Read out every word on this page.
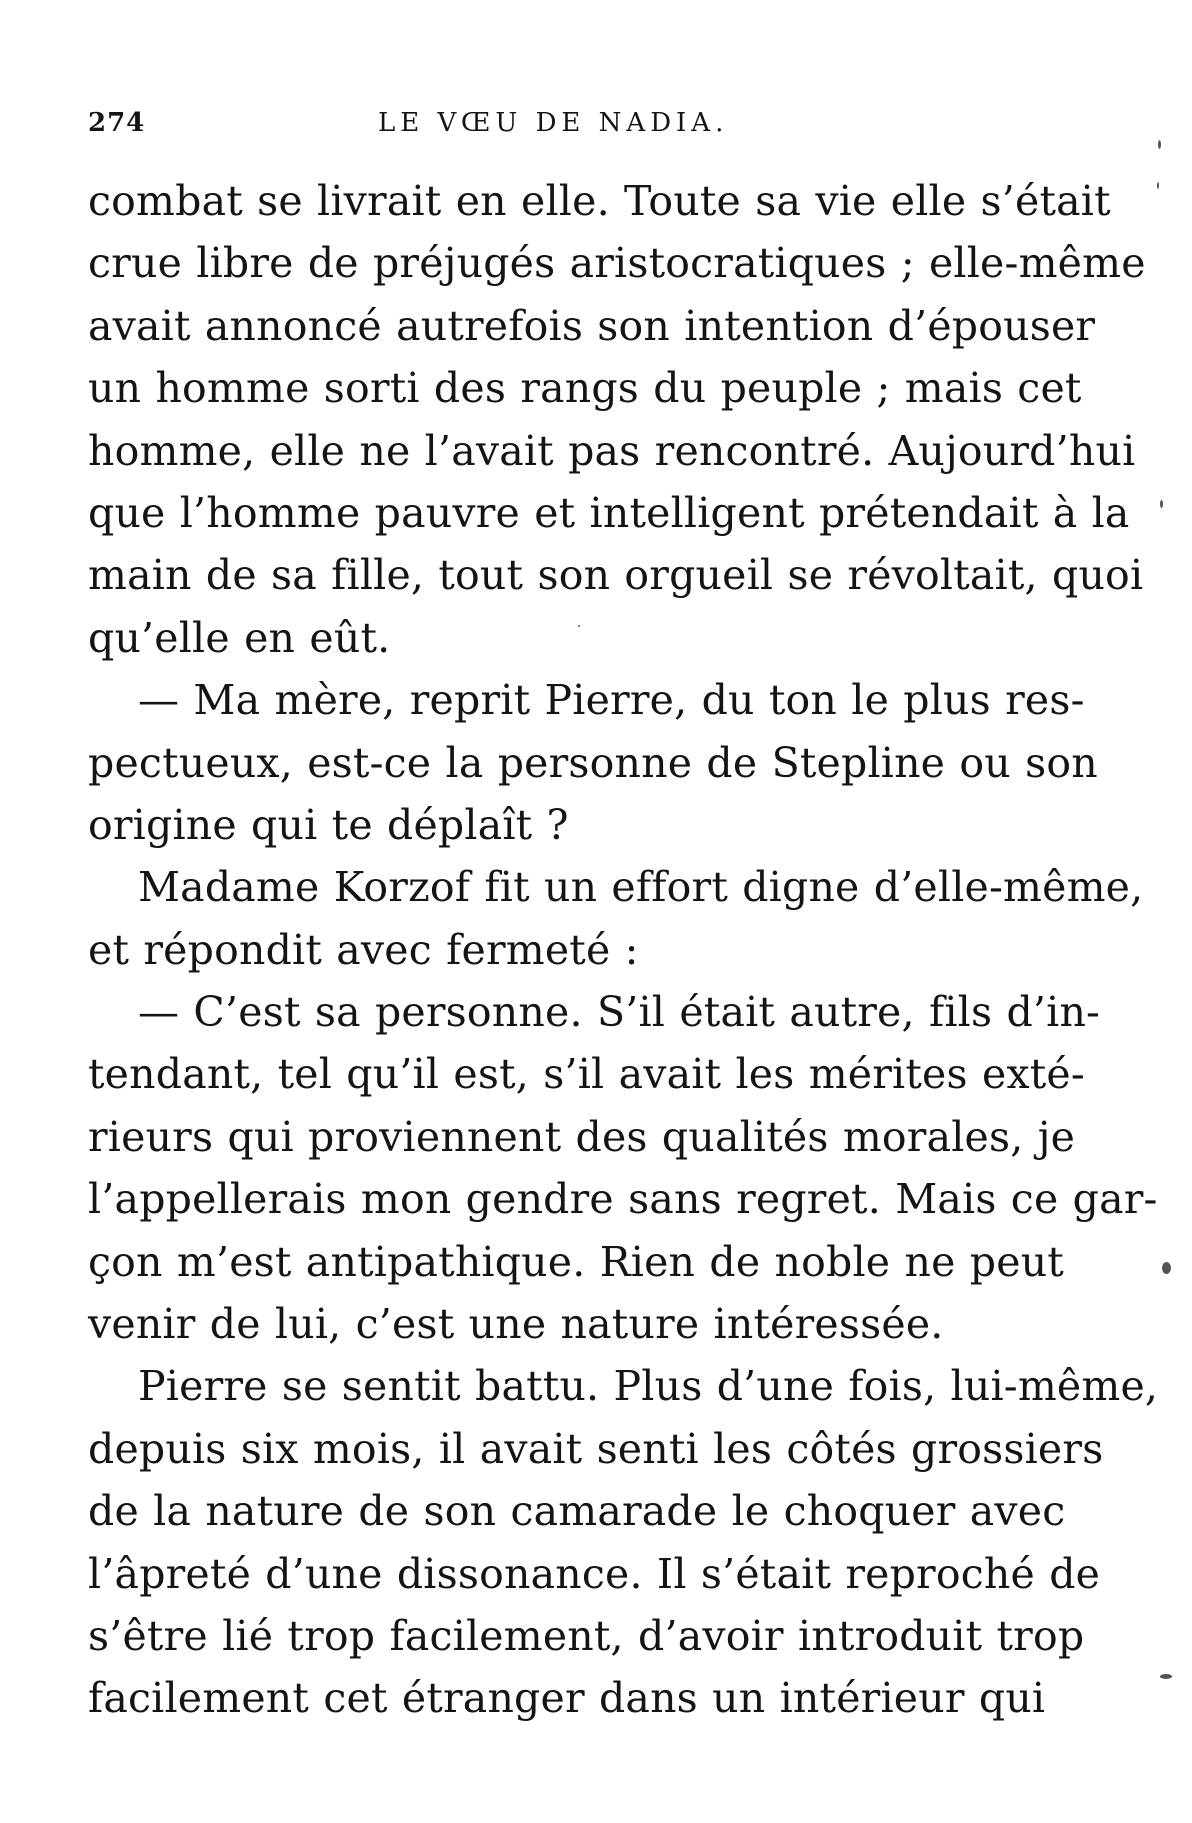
274	LE VŒU DE NADIA.
combat se livrait en elle. Toute sa vie elle s’était
crue libre de préjugés aristocratiques ; elle-même
avait annoncé autrefois son intention d’épouser
un homme sorti des rangs du peuple ; mais cet
homme, elle ne l’avait pas rencontré. Aujourd’hui
que l’homme pauvre et intelligent prétendait à la
main de sa fille, tout son orgueil se révoltait, quoi
qu’elle en eût.
— Ma mère, reprit Pierre, du ton le plus res-
pectueux, est-ce la personne de Stepline ou son
origine qui te déplaît ?
Madame Korzof fit un effort digne d’elle-même,
et répondit avec fermeté :
— C’est sa personne. S’il était autre, fils d’in-
tendant, tel qu’il est, s’il avait les mérites exté-
rieurs qui proviennent des qualités morales, je
l’appellerais mon gendre sans regret. Mais ce gar-
çon m’est antipathique. Rien de noble ne peut
venir de lui, c’est une nature intéressée.
Pierre se sentit battu. Plus d’une fois, lui-même,
depuis six mois, il avait senti les côtés grossiers
de la nature de son camarade le choquer avec
l’âpreté d’une dissonance. Il s’était reproché de
s’être lié trop facilement, d’avoir introduit trop
facilement cet étranger dans un intérieur qui
